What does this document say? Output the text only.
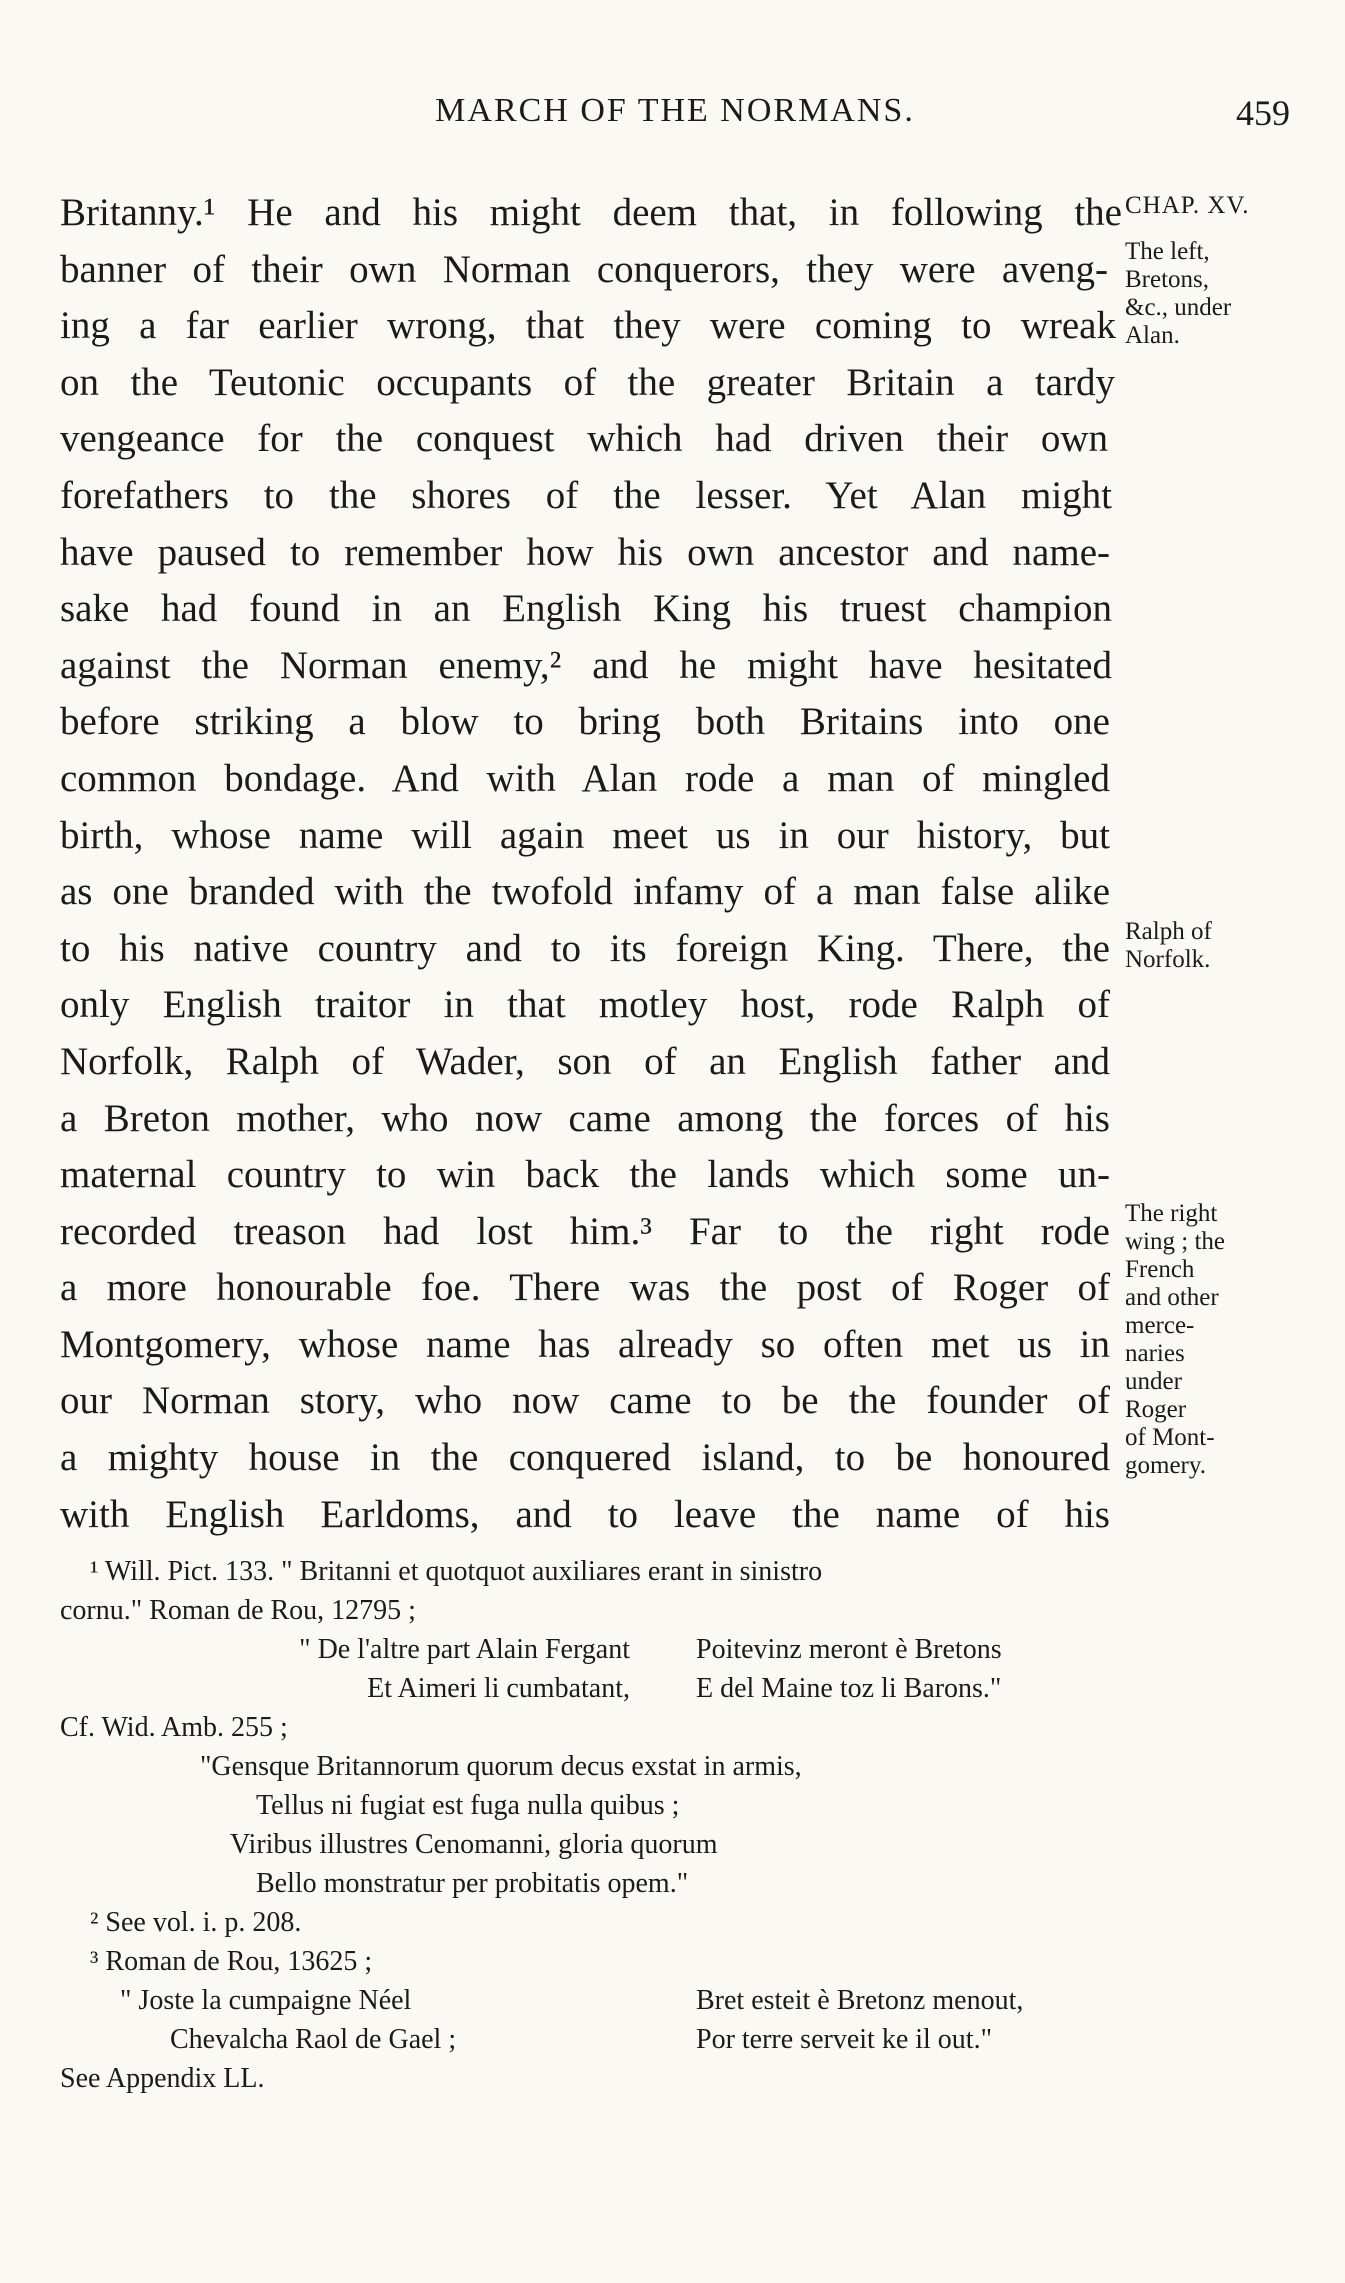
MARCH OF THE NORMANS.	459
Britanny.¹ He and his might deem that, in following the
banner of their own Norman conquerors, they were aveng-
ing a far earlier wrong, that they were coming to wreak
on the Teutonic occupants of the greater Britain a tardy
vengeance for the conquest which had driven their own
forefathers to the shores of the lesser. Yet Alan might
have paused to remember how his own ancestor and name-
sake had found in an English King his truest champion
against the Norman enemy,² and he might have hesitated
before striking a blow to bring both Britains into one
common bondage. And with Alan rode a man of mingled
birth, whose name will again meet us in our history, but
as one branded with the twofold infamy of a man false alike
to his native country and to its foreign King. There, the
only English traitor in that motley host, rode Ralph of
Norfolk, Ralph of Wader, son of an English father and
a Breton mother, who now came among the forces of his
maternal country to win back the lands which some un-
recorded treason had lost him.³ Far to the right rode
a more honourable foe. There was the post of Roger of
Montgomery, whose name has already so often met us in
our Norman story, who now came to be the founder of
a mighty house in the conquered island, to be honoured
with English Earldoms, and to leave the name of his
CHAP. XV.
The left,
Bretons,
&c., under
Alan.
Ralph of
Norfolk.
The right
wing ; the
French
and other
merce-
naries
under
Roger
of Mont-
gomery.
¹ Will. Pict. 133. " Britanni et quotquot auxiliares erant in sinistro
cornu." Roman de Rou, 12795 ;
" De l'altre part Alain Fergant	Poitevinz meront è Bretons
Et Aimeri li cumbatant,	E del Maine toz li Barons."
Cf. Wid. Amb. 255 ;
"Gensque Britannorum quorum decus exstat in armis,
Tellus ni fugiat est fuga nulla quibus ;
Viribus illustres Cenomanni, gloria quorum
Bello monstratur per probitatis opem."
² See vol. i. p. 208.
³ Roman de Rou, 13625 ;
" Joste la cumpaigne Néel	Bret esteit è Bretonz menout,
Chevalcha Raol de Gael ;	Por terre serveit ke il out."
See Appendix LL.
